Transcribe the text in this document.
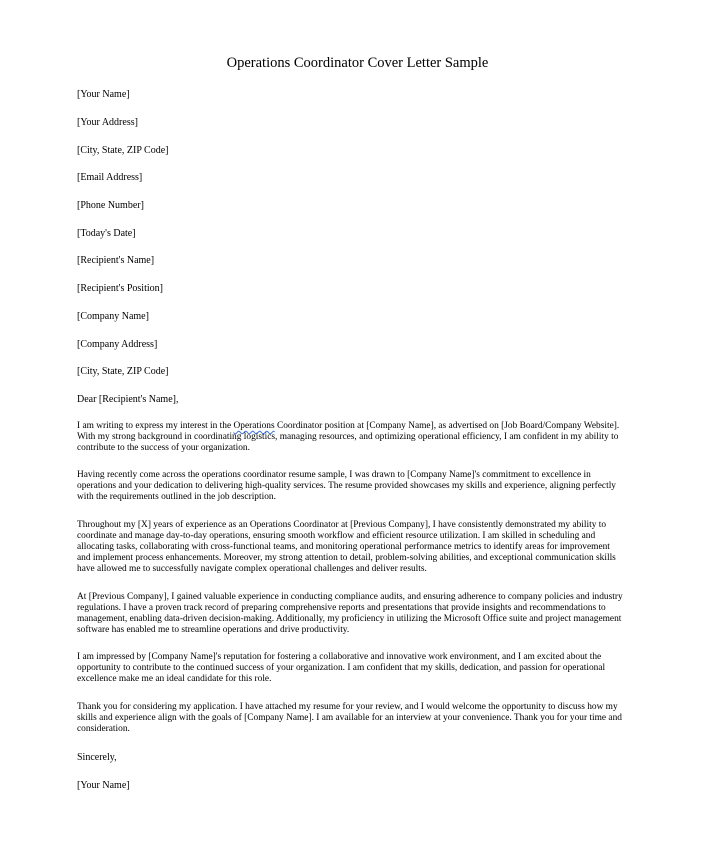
Operations Coordinator Cover Letter Sample

[Your Name]

[Your Address]

[City, State, ZIP Code]

[Email Address]

[Phone Number]

[Today's Date]

[Recipient's Name]

[Recipient's Position]

[Company Name]

[Company Address]

[City, State, ZIP Code]

Dear [Recipient's Name],

I am writing to express my interest in the Operations Coordinator position at [Company Name], as advertised on [Job Board/Company Website].
With my strong background in coordinating logistics, managing resources, and optimizing operational efficiency, I am confident in my ability to
contribute to the success of your organization.
Having recently come across the operations coordinator resume sample, I was drawn to [Company Name]'s commitment to excellence in
operations and your dedication to delivering high-quality services. The resume provided showcases my skills and experience, aligning perfectly
with the requirements outlined in the job description.
Throughout my [X] years of experience as an Operations Coordinator at [Previous Company], I have consistently demonstrated my ability to
coordinate and manage day-to-day operations, ensuring smooth workflow and efficient resource utilization. I am skilled in scheduling and
allocating tasks, collaborating with cross-functional teams, and monitoring operational performance metrics to identify areas for improvement
and implement process enhancements. Moreover, my strong attention to detail, problem-solving abilities, and exceptional communication skills
have allowed me to successfully navigate complex operational challenges and deliver results.
At [Previous Company], I gained valuable experience in conducting compliance audits, and ensuring adherence to company policies and industry
regulations. I have a proven track record of preparing comprehensive reports and presentations that provide insights and recommendations to
management, enabling data-driven decision-making. Additionally, my proficiency in utilizing the Microsoft Office suite and project management
software has enabled me to streamline operations and drive productivity.
I am impressed by [Company Name]'s reputation for fostering a collaborative and innovative work environment, and I am excited about the
opportunity to contribute to the continued success of your organization. I am confident that my skills, dedication, and passion for operational
excellence make me an ideal candidate for this role.
Thank you for considering my application. I have attached my resume for your review, and I would welcome the opportunity to discuss how my
skills and experience align with the goals of [Company Name]. I am available for an interview at your convenience. Thank you for your time and
consideration.

Sincerely,

[Your Name]
